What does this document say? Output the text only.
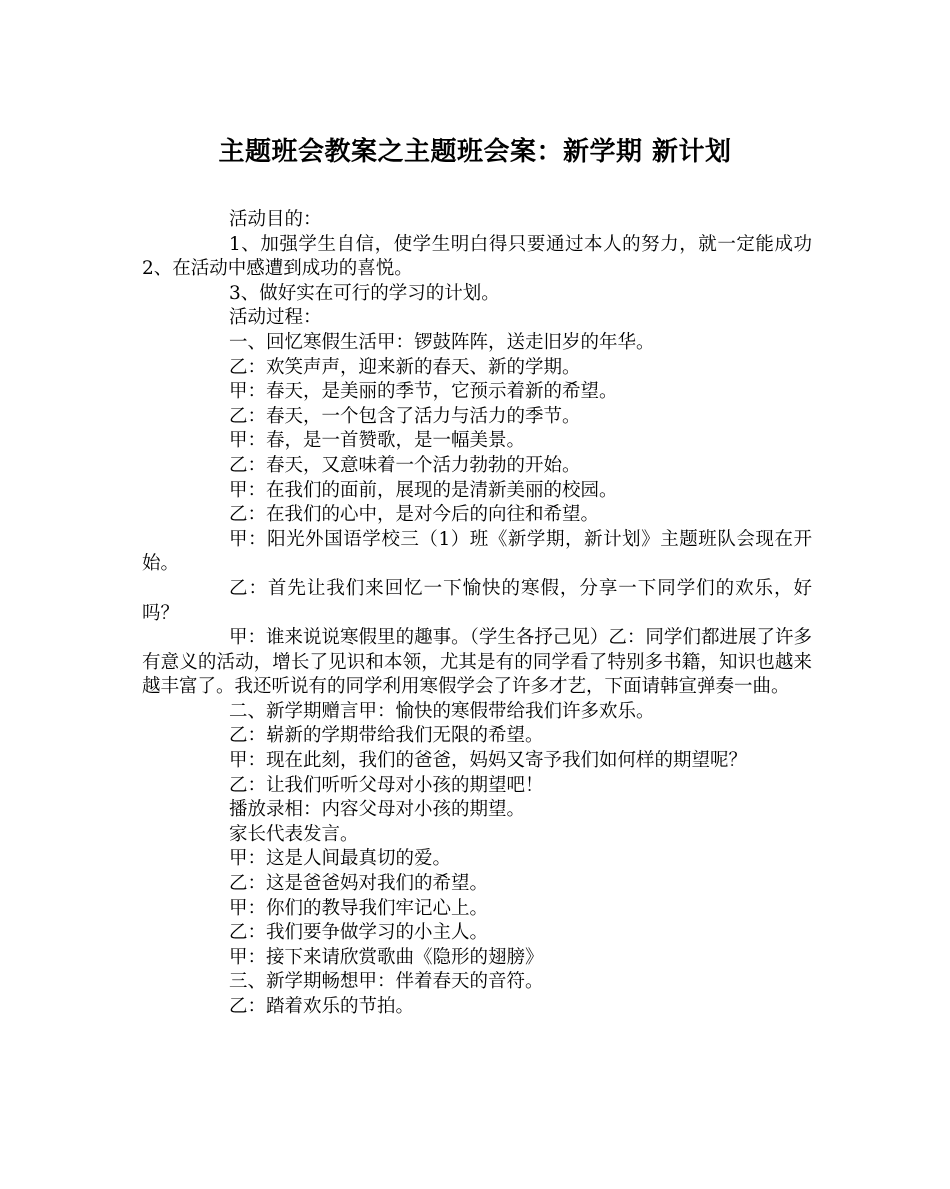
主题班会教案之主题班会案：新学期 新计划

活动目的：

1、加强学生自信，使学生明白得只要通过本人的努力，就一定能成功2、在活动中感遭到成功的喜悦。

3、做好实在可行的学习的计划。

活动过程：

一、回忆寒假生活甲：锣鼓阵阵，送走旧岁的年华。

乙：欢笑声声，迎来新的春天、新的学期。

甲：春天，是美丽的季节，它预示着新的希望。

乙：春天，一个包含了活力与活力的季节。

甲：春，是一首赞歌，是一幅美景。

乙：春天，又意味着一个活力勃勃的开始。

甲：在我们的面前，展现的是清新美丽的校园。

乙：在我们的心中，是对今后的向往和希望。

甲：阳光外国语学校三（1）班《新学期，新计划》主题班队会现在开始。

乙：首先让我们来回忆一下愉快的寒假，分享一下同学们的欢乐，好吗？

甲：谁来说说寒假里的趣事。（学生各抒己见）乙：同学们都进展了许多有意义的活动，增长了见识和本领，尤其是有的同学看了特别多书籍，知识也越来越丰富了。我还听说有的同学利用寒假学会了许多才艺，下面请韩宣弹奏一曲。

二、新学期赠言甲：愉快的寒假带给我们许多欢乐。

乙：崭新的学期带给我们无限的希望。

甲：现在此刻，我们的爸爸，妈妈又寄予我们如何样的期望呢？

乙：让我们听听父母对小孩的期望吧！

播放录相：内容父母对小孩的期望。

家长代表发言。

甲：这是人间最真切的爱。

乙：这是爸爸妈对我们的希望。

甲：你们的教导我们牢记心上。

乙：我们要争做学习的小主人。

甲：接下来请欣赏歌曲《隐形的翅膀》

三、新学期畅想甲：伴着春天的音符。

乙：踏着欢乐的节拍。
